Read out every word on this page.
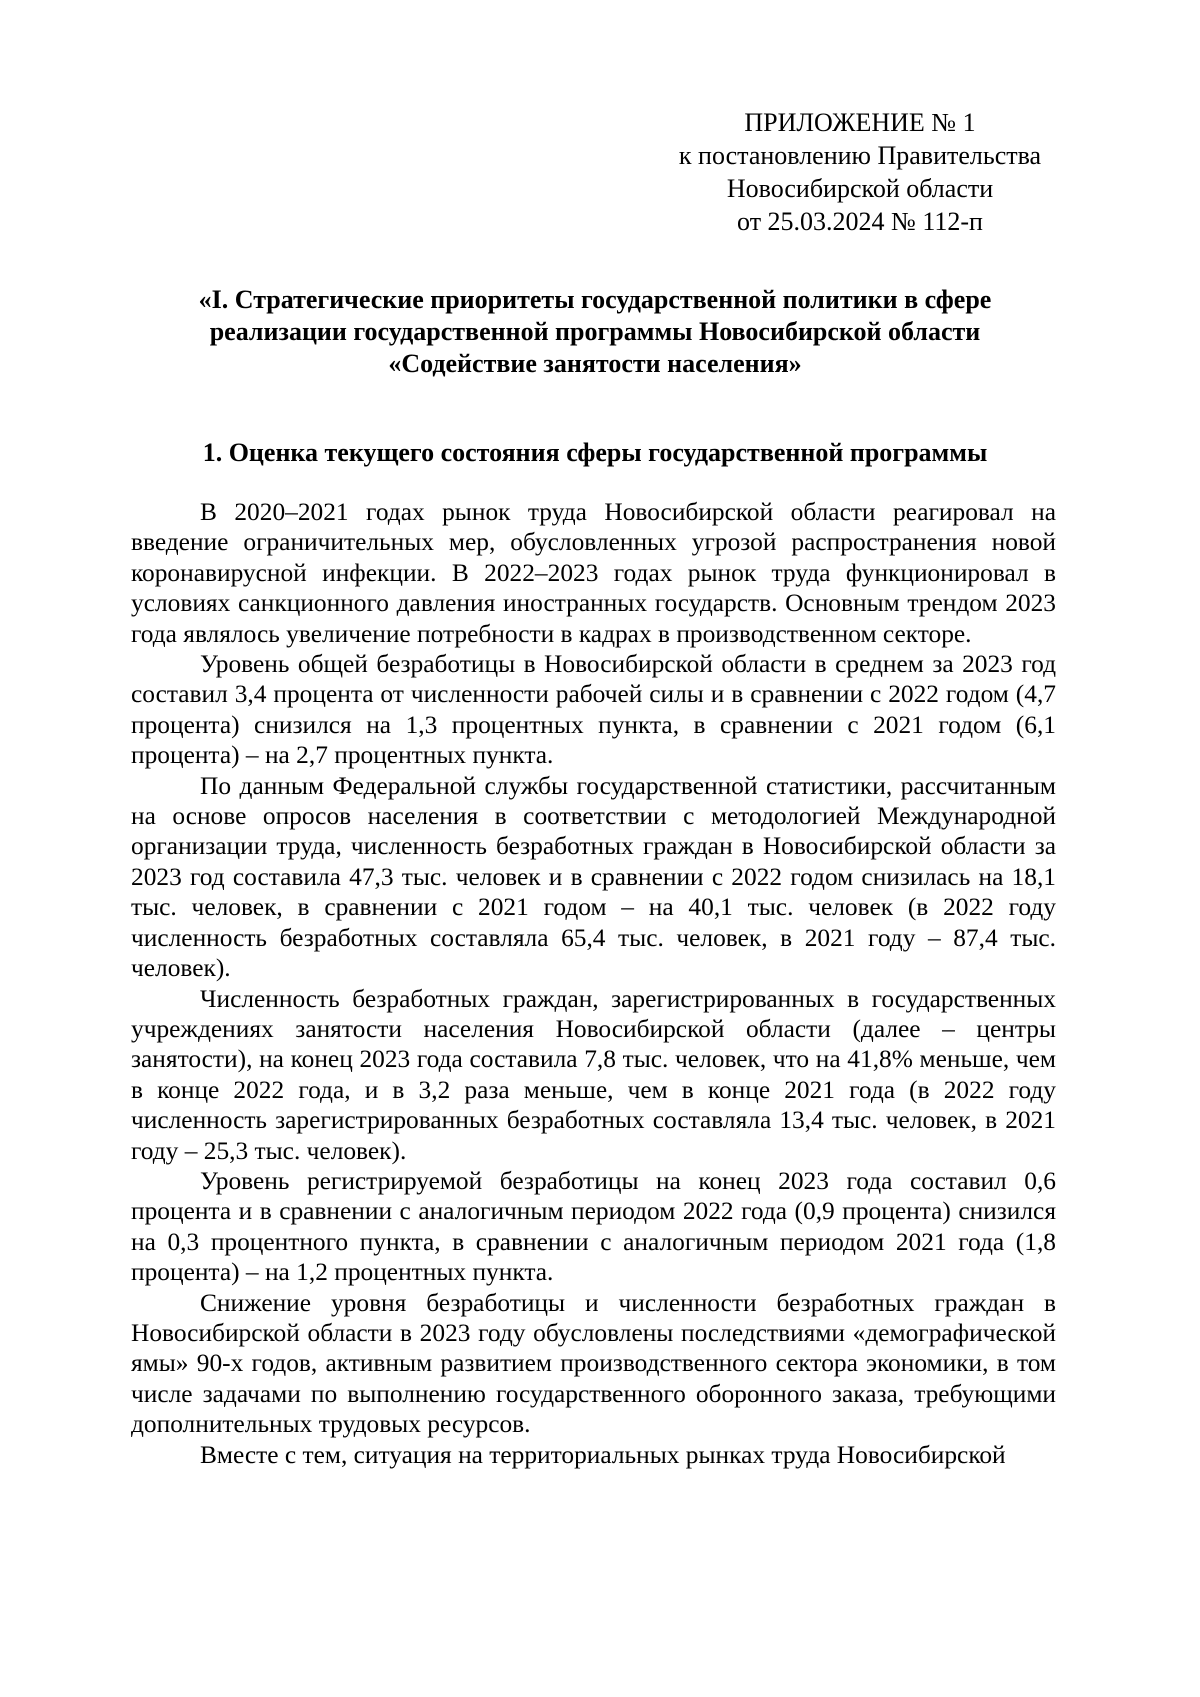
ПРИЛОЖЕНИЕ № 1
к постановлению Правительства
Новосибирской области
от 25.03.2024 № 112-п
«I. Стратегические приоритеты государственной политики в сфере
реализации государственной программы Новосибирской области
«Содействие занятости населения»
1. Оценка текущего состояния сферы государственной программы

В 2020–2021 годах рынок труда Новосибирской области реагировал на введение ограничительных мер, обусловленных угрозой распространения новой коронавирусной инфекции. В 2022–2023 годах рынок труда функционировал в условиях санкционного давления иностранных государств. Основным трендом 2023 года являлось увеличение потребности в кадрах в производственном секторе.

Уровень общей безработицы в Новосибирской области в среднем за 2023 год составил 3,4 процента от численности рабочей силы и в сравнении с 2022 годом (4,7 процента) снизился на 1,3 процентных пункта, в сравнении с 2021 годом (6,1 процента) – на 2,7 процентных пункта.

По данным Федеральной службы государственной статистики, рассчитанным на основе опросов населения в соответствии с методологией Международной организации труда, численность безработных граждан в Новосибирской области за 2023 год составила 47,3 тыс. человек и в сравнении с 2022 годом снизилась на 18,1 тыс. человек, в сравнении с 2021 годом – на 40,1 тыс. человек (в 2022 году численность безработных составляла 65,4 тыс. человек, в 2021 году – 87,4 тыс. человек).

Численность безработных граждан, зарегистрированных в государственных учреждениях занятости населения Новосибирской области (далее – центры занятости), на конец 2023 года составила 7,8 тыс. человек, что на 41,8% меньше, чем в конце 2022 года, и в 3,2 раза меньше, чем в конце 2021 года (в 2022 году численность зарегистрированных безработных составляла 13,4 тыс. человек, в 2021 году – 25,3 тыс. человек).

Уровень регистрируемой безработицы на конец 2023 года составил 0,6 процента и в сравнении с аналогичным периодом 2022 года (0,9 процента) снизился на 0,3 процентного пункта, в сравнении с аналогичным периодом 2021 года (1,8 процента) – на 1,2 процентных пункта.

Снижение уровня безработицы и численности безработных граждан в Новосибирской области в 2023 году обусловлены последствиями «демографической ямы» 90-х годов, активным развитием производственного сектора экономики, в том числе задачами по выполнению государственного оборонного заказа, требующими дополнительных трудовых ресурсов.

Вместе с тем, ситуация на территориальных рынках труда Новосибирской
